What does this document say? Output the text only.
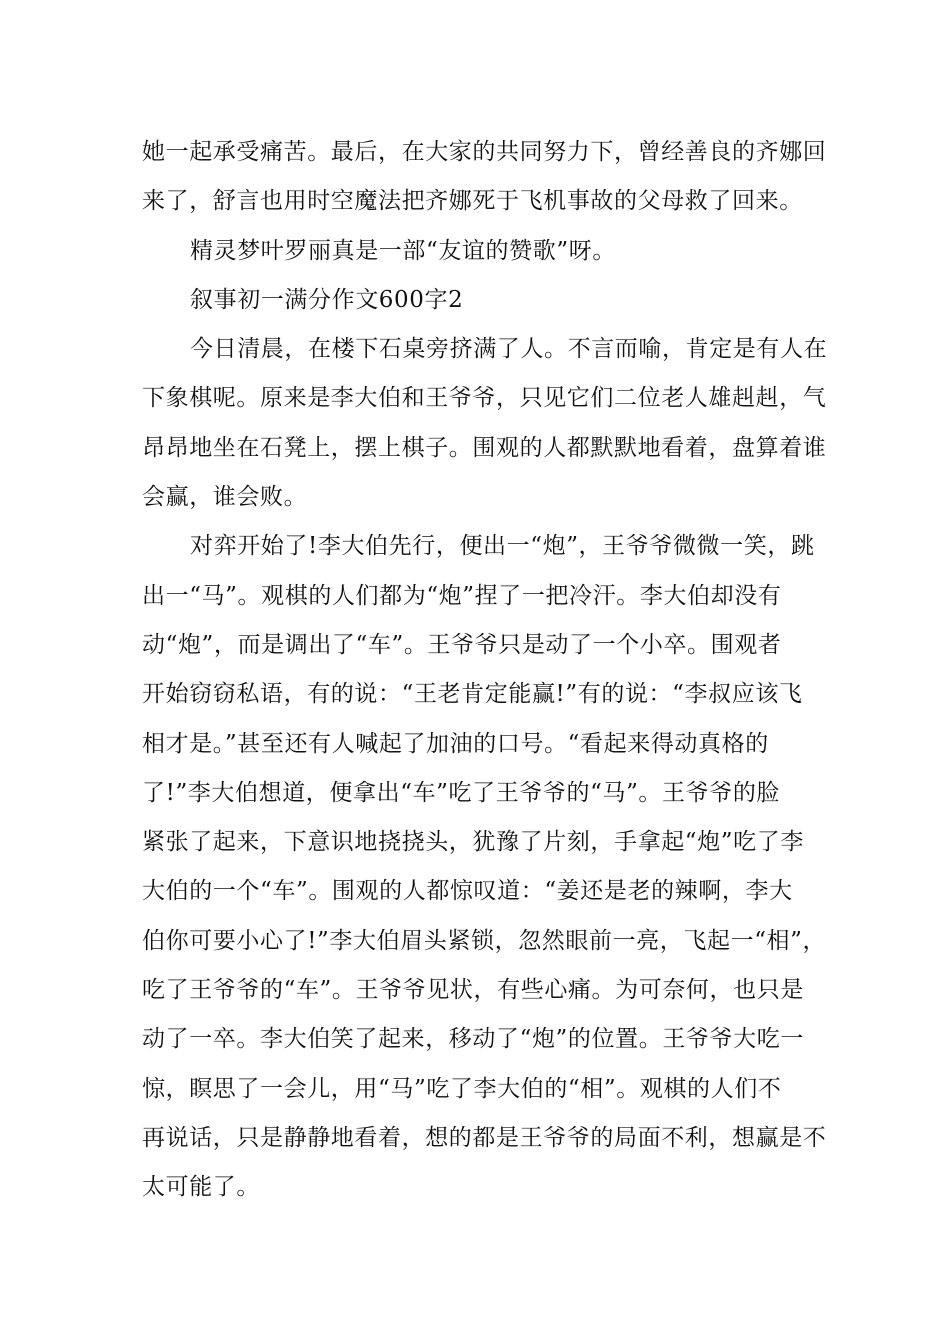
她一起承受痛苦。最后，在大家的共同努力下，曾经善良的齐娜回
来了，舒言也用时空魔法把齐娜死于飞机事故的父母救了回来。
精灵梦叶罗丽真是一部“友谊的赞歌”呀。
叙事初一满分作文600字2
今日清晨，在楼下石桌旁挤满了人。不言而喻，肯定是有人在
下象棋呢。原来是李大伯和王爷爷，只见它们二位老人雄赳赳，气
昂昂地坐在石凳上，摆上棋子。围观的人都默默地看着，盘算着谁
会赢，谁会败。
对弈开始了!李大伯先行，便出一“炮”，王爷爷微微一笑，跳
出一“马”。观棋的人们都为“炮”捏了一把冷汗。李大伯却没有
动“炮”，而是调出了“车”。王爷爷只是动了一个小卒。围观者
开始窃窃私语，有的说：“王老肯定能赢!”有的说：“李叔应该飞
相才是。”甚至还有人喊起了加油的口号。“看起来得动真格的
了!”李大伯想道，便拿出“车”吃了王爷爷的“马”。王爷爷的脸
紧张了起来，下意识地挠挠头，犹豫了片刻，手拿起“炮”吃了李
大伯的一个“车”。围观的人都惊叹道：“姜还是老的辣啊，李大
伯你可要小心了!”李大伯眉头紧锁，忽然眼前一亮，飞起一“相”，
吃了王爷爷的“车”。王爷爷见状，有些心痛。为可奈何，也只是
动了一卒。李大伯笑了起来，移动了“炮”的位置。王爷爷大吃一
惊，瞑思了一会儿，用“马”吃了李大伯的“相”。观棋的人们不
再说话，只是静静地看着，想的都是王爷爷的局面不利，想赢是不
太可能了。
